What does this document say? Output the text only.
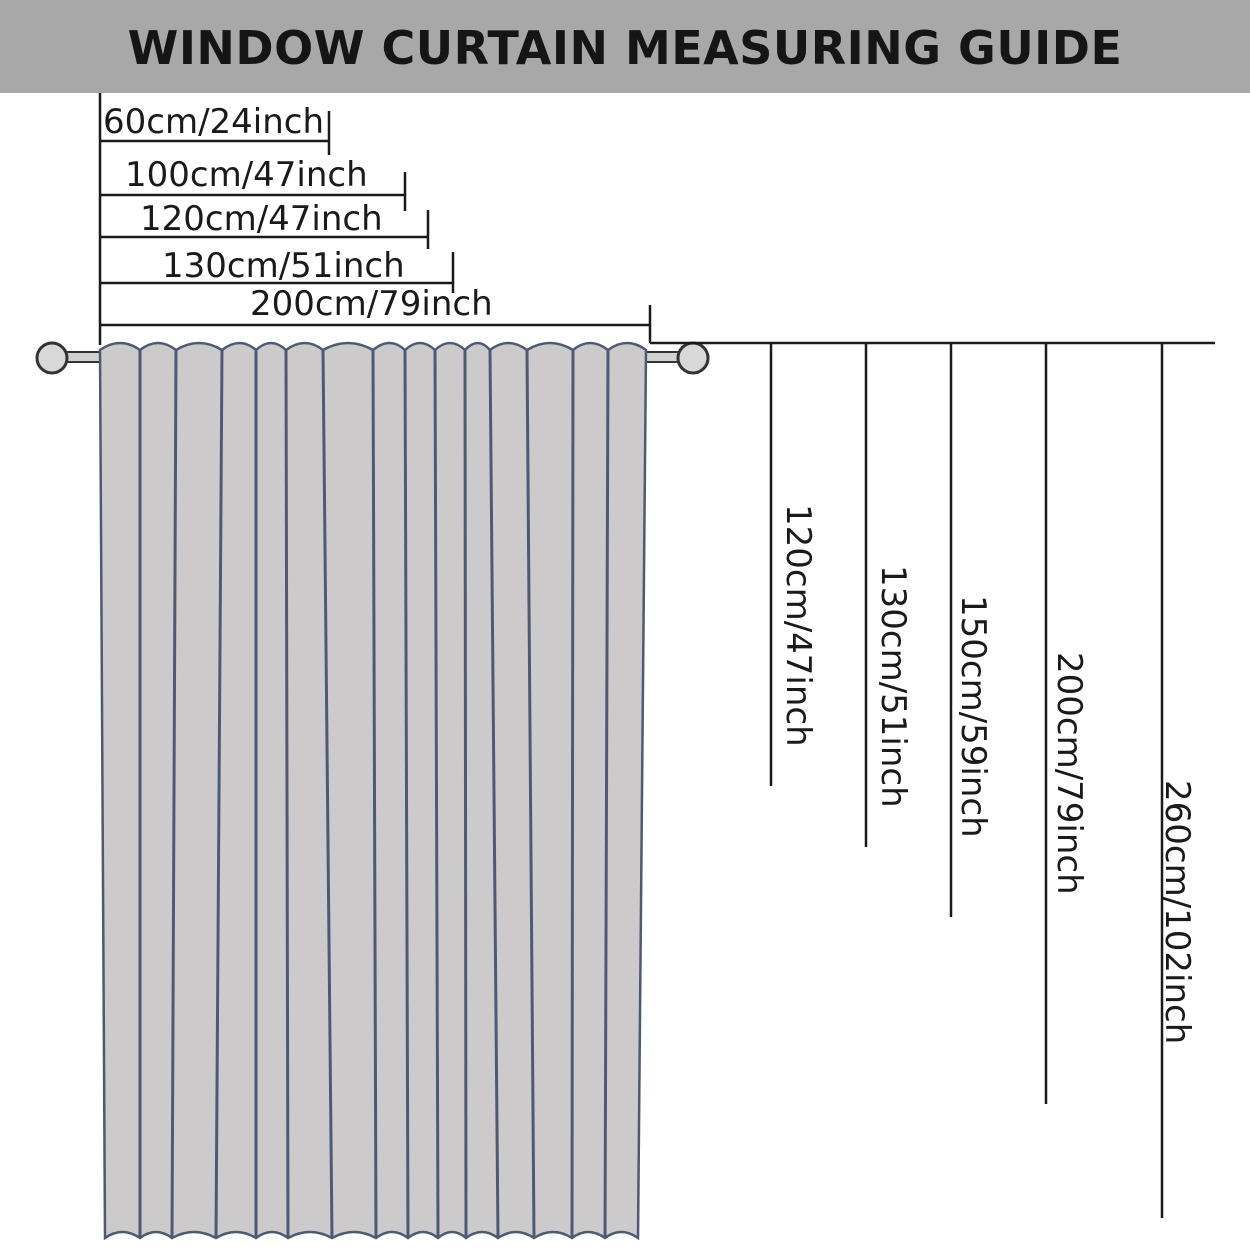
WINDOW CURTAIN MEASURING GUIDE
60cm/24inch
100cm/47inch
120cm/47inch
130cm/51inch
200cm/79inch
120cm/47inch 130cm/51inch 150cm/59inch 200cm/79inch
260cm/102inch
